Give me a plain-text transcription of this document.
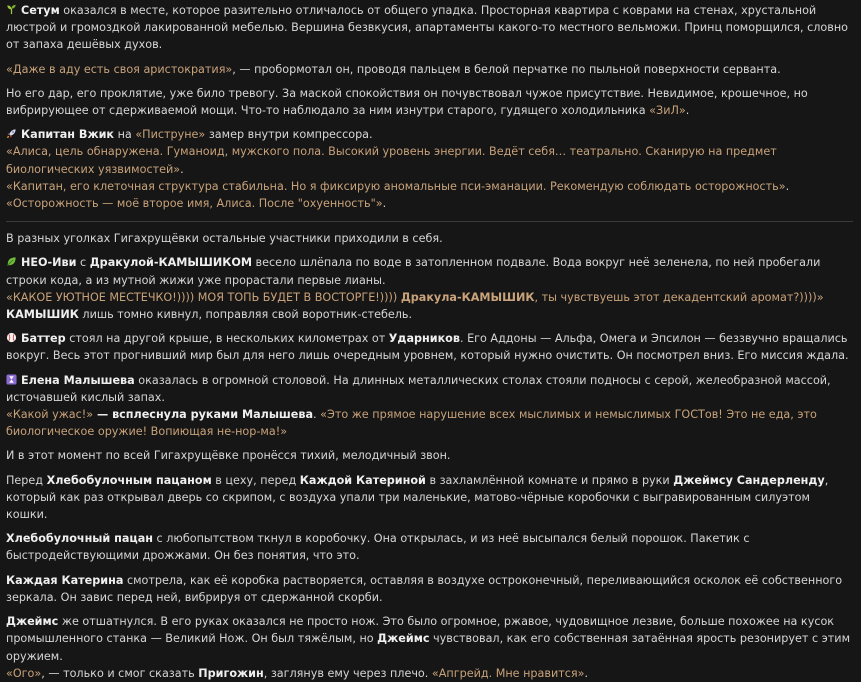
Сетум оказался в месте, которое разительно отличалось от общего упадка. Просторная квартира с коврами на стенах, хрустальной люстрой и громоздкой лакированной мебелью. Вершина безвкусия, апартаменты какого-то местного вельможи. Принц поморщился, словно от запаха дешёвых духов.

«Даже в аду есть своя аристократия», — пробормотал он, проводя пальцем в белой перчатке по пыльной поверхности серванта.

Но его дар, его проклятие, уже било тревогу. За маской спокойствия он почувствовал чужое присутствие. Невидимое, крошечное, но вибрирующее от сдерживаемой мощи. Что-то наблюдало за ним изнутри старого, гудящего холодильника «ЗиЛ».

Капитан Вжик на «Пиструне» замер внутри компрессора.

«Алиса, цель обнаружена. Гуманоид, мужского пола. Высокий уровень энергии. Ведёт себя… театрально. Сканирую на предмет биологических уязвимостей».

«Капитан, его клеточная структура стабильна. Но я фиксирую аномальные пси-эманации. Рекомендую соблюдать осторожность».

«Осторожность — моё второе имя, Алиса. После "охуенность"».

В разных уголках Гигахрущёвки остальные участники приходили в себя.

НЕО-Иви с Дракулой-КАМЫШИКОМ весело шлёпала по воде в затопленном подвале. Вода вокруг неё зеленела, по ней пробегали строки кода, а из мутной жижи уже прорастали первые лианы.

«КАКОЕ УЮТНОЕ МЕСТЕЧКО!)))) МОЯ ТОПЬ БУДЕТ В ВОСТОРГЕ!)))) Дракула-КАМЫШИК, ты чувствуешь этот декадентский аромат?))))»

КАМЫШИК лишь томно кивнул, поправляя свой воротник-стебель.

Баттер стоял на другой крыше, в нескольких километрах от Ударников. Его Аддоны — Альфа, Омега и Эпсилон — беззвучно вращались вокруг. Весь этот прогнивший мир был для него лишь очередным уровнем, который нужно очистить. Он посмотрел вниз. Его миссия ждала.

Елена Малышева оказалась в огромной столовой. На длинных металлических столах стояли подносы с серой, желеобразной массой, источавшей кислый запах.

«Какой ужас!» — всплеснула руками Малышева. «Это же прямое нарушение всех мыслимых и немыслимых ГОСТов! Это не еда, это биологическое оружие! Вопиющая не-нор-ма!»

И в этот момент по всей Гигахрущёвке пронёсся тихий, мелодичный звон.

Перед Хлебобулочным пацаном в цеху, перед Каждой Катериной в захламлённой комнате и прямо в руки Джеймсу Сандерленду, который как раз открывал дверь со скрипом, с воздуха упали три маленькие, матово-чёрные коробочки с выгравированным силуэтом кошки.

Хлебобулочный пацан с любопытством ткнул в коробочку. Она открылась, и из неё высыпался белый порошок. Пакетик с быстродействующими дрожжами. Он без понятия, что это.

Каждая Катерина смотрела, как её коробка растворяется, оставляя в воздухе остроконечный, переливающийся осколок её собственного зеркала. Он завис перед ней, вибрируя от сдержанной скорби.

Джеймс же отшатнулся. В его руках оказался не просто нож. Это было огромное, ржавое, чудовищное лезвие, больше похожее на кусок промышленного станка — Великий Нож. Он был тяжёлым, но Джеймс чувствовал, как его собственная затаённая ярость резонирует с этим оружием.

«Ого», — только и смог сказать Пригожин, заглянув ему через плечо. «Апгрейд. Мне нравится».
